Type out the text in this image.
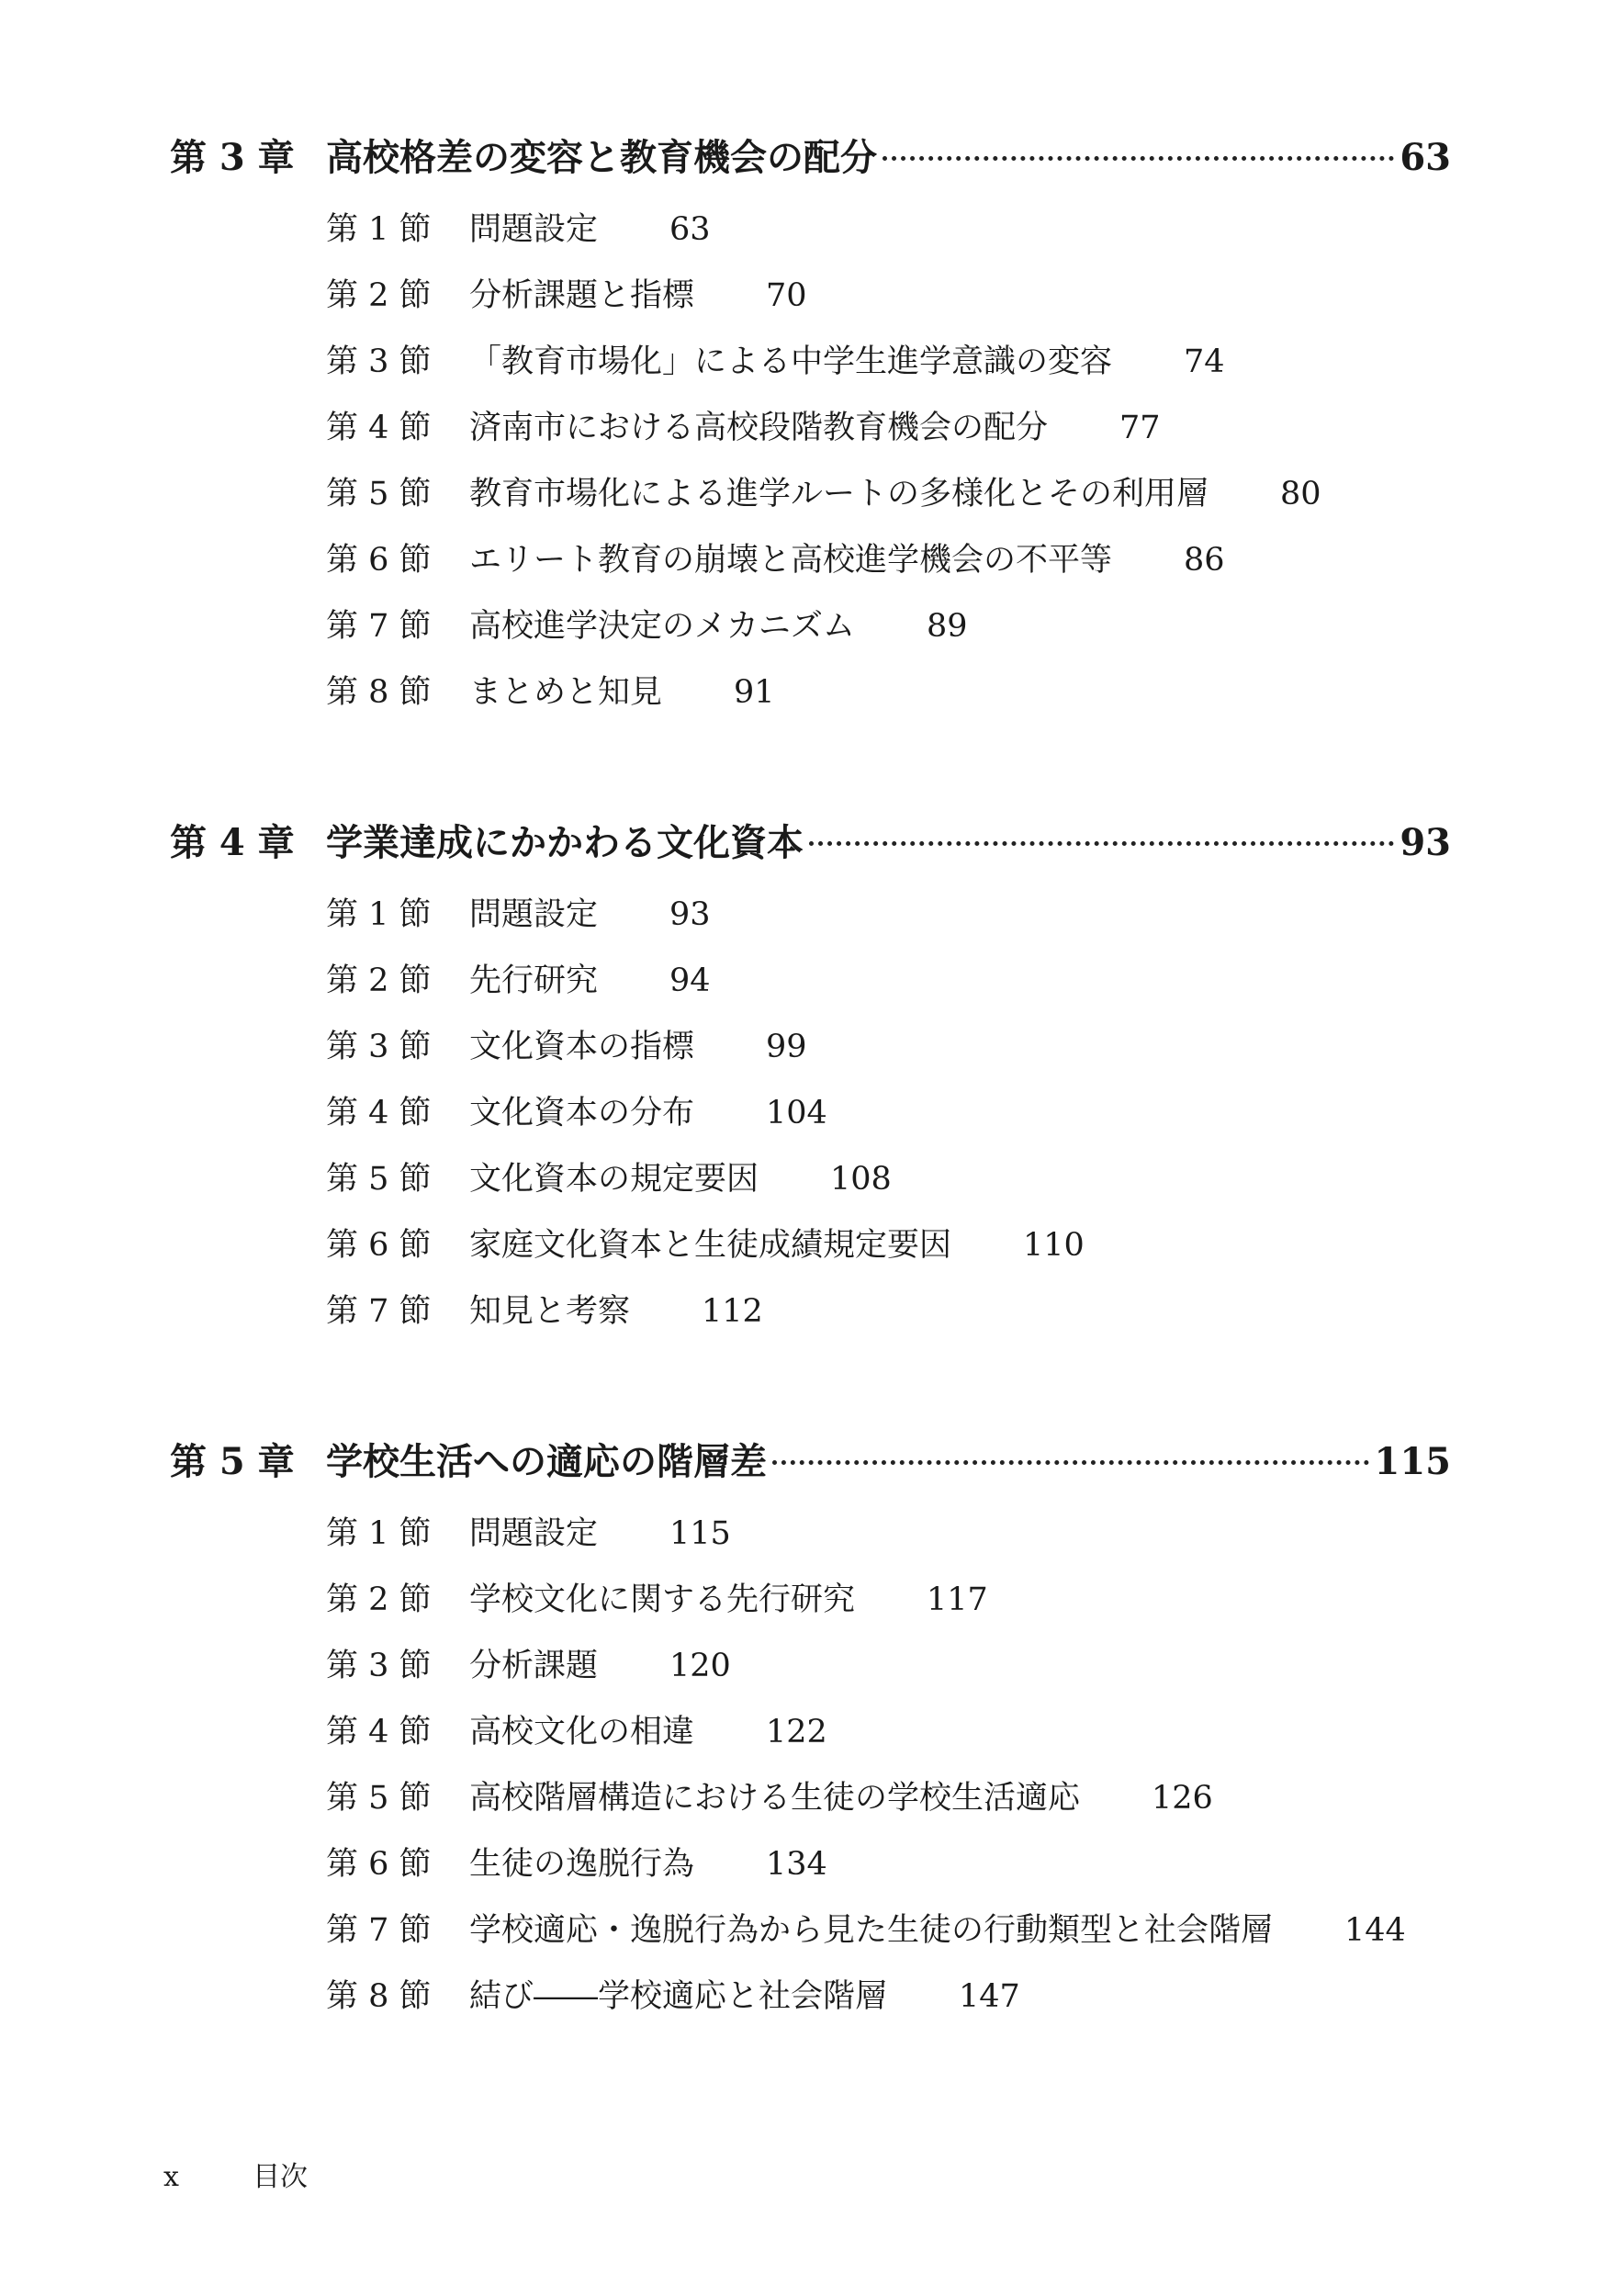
第 3 章 高校格差の変容と教育機会の配分	63
第 1 節	問題設定 63
第 2 節	分析課題と指標 70
第 3 節	「教育市場化」による中学生進学意識の変容 74
第 4 節	済南市における高校段階教育機会の配分 77
第 5 節	教育市場化による進学ルートの多様化とその利用層 80
第 6 節	エリート教育の崩壊と高校進学機会の不平等 86
第 7 節	高校進学決定のメカニズム 89
第 8 節	まとめと知見 91
第 4 章 学業達成にかかわる文化資本	93
第 1 節	問題設定 93
第 2 節	先行研究 94
第 3 節	文化資本の指標 99
第 4 節	文化資本の分布 104
第 5 節	文化資本の規定要因 108
第 6 節	家庭文化資本と生徒成績規定要因 110
第 7 節	知見と考察 112
第 5 章 学校生活への適応の階層差	115
第 1 節	問題設定 115
第 2 節	学校文化に関する先行研究 117
第 3 節	分析課題 120
第 4 節	高校文化の相違 122
第 5 節	高校階層構造における生徒の学校生活適応 126
第 6 節	生徒の逸脱行為 134
第 7 節	学校適応・逸脱行為から見た生徒の行動類型と社会階層 144
第 8 節	結び――学校適応と社会階層 147
x	目次
